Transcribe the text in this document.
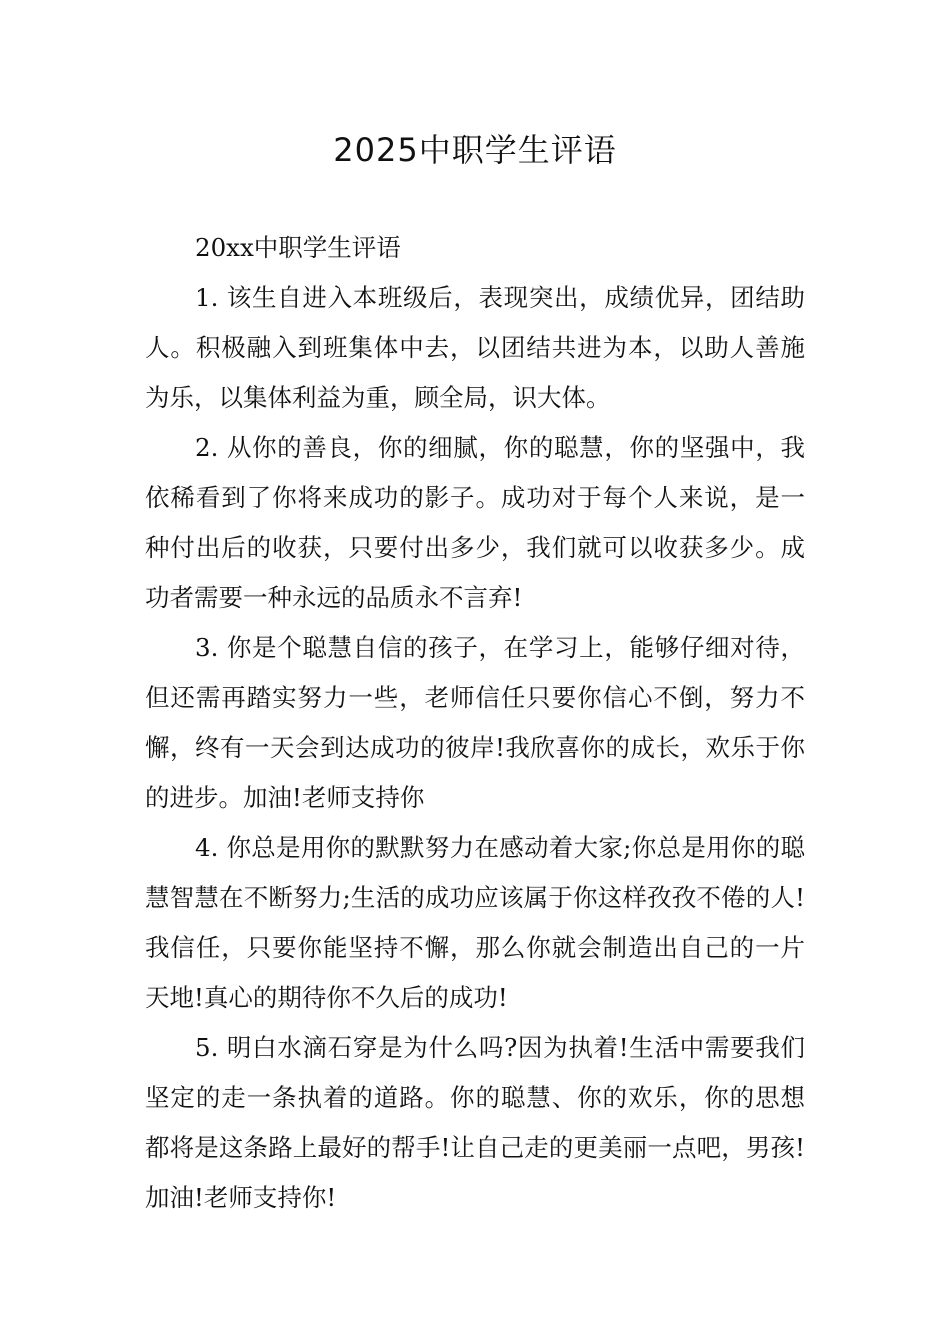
2025中职学生评语

20xx中职学生评语

1. 该生自进入本班级后，表现突出，成绩优异，团结助人。积极融入到班集体中去，以团结共进为本，以助人善施为乐，以集体利益为重，顾全局，识大体。

2. 从你的善良，你的细腻，你的聪慧，你的坚强中，我依稀看到了你将来成功的影子。成功对于每个人来说，是一种付出后的收获，只要付出多少，我们就可以收获多少。成功者需要一种永远的品质永不言弃!

3. 你是个聪慧自信的孩子，在学习上，能够仔细对待，但还需再踏实努力一些，老师信任只要你信心不倒，努力不懈，终有一天会到达成功的彼岸!我欣喜你的成长，欢乐于你的进步。加油!老师支持你

4. 你总是用你的默默努力在感动着大家;你总是用你的聪慧智慧在不断努力;生活的成功应该属于你这样孜孜不倦的人!我信任，只要你能坚持不懈，那么你就会制造出自己的一片天地!真心的期待你不久后的成功!

5. 明白水滴石穿是为什么吗?因为执着!生活中需要我们坚定的走一条执着的道路。你的聪慧、你的欢乐，你的思想都将是这条路上最好的帮手!让自己走的更美丽一点吧，男孩!加油!老师支持你!
